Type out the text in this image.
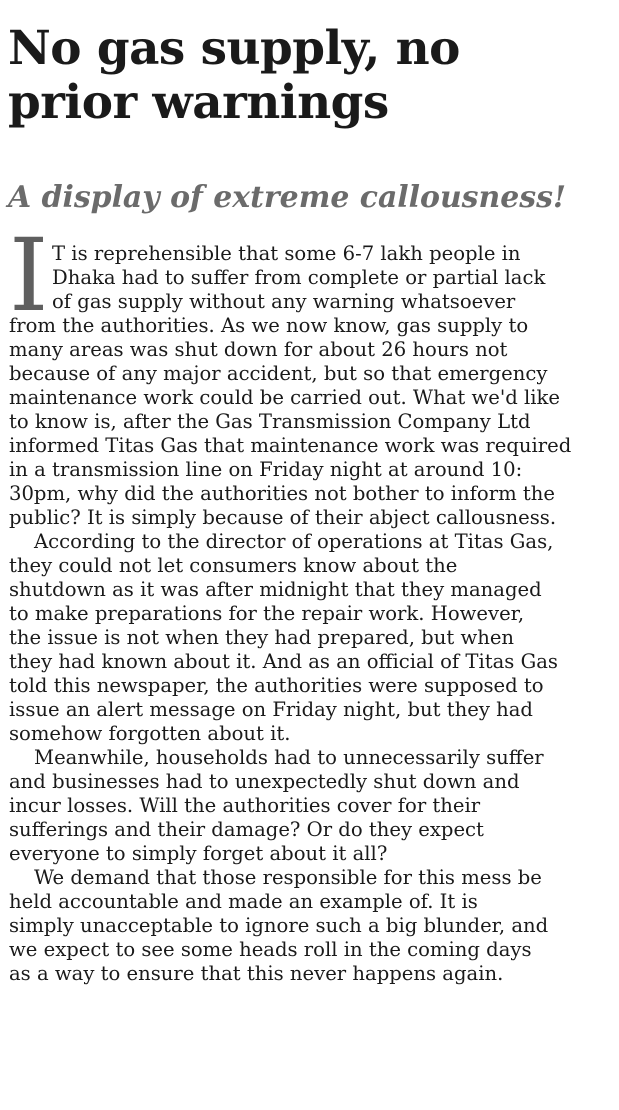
No gas supply, no
prior warnings
A display of extreme callousness!
I T is reprehensible that some 6-7 lakh people in
Dhaka had to suffer from complete or partial lack
of gas supply without any warning whatsoever
from the authorities. As we now know, gas supply to
many areas was shut down for about 26 hours not
because of any major accident, but so that emergency
maintenance work could be carried out. What we'd like
to know is, after the Gas Transmission Company Ltd
informed Titas Gas that maintenance work was required
in a transmission line on Friday night at around 10:
30pm, why did the authorities not bother to inform the
public? It is simply because of their abject callousness.
According to the director of operations at Titas Gas,
they could not let consumers know about the
shutdown as it was after midnight that they managed
to make preparations for the repair work. However,
the issue is not when they had prepared, but when
they had known about it. And as an official of Titas Gas
told this newspaper, the authorities were supposed to
issue an alert message on Friday night, but they had
somehow forgotten about it.
Meanwhile, households had to unnecessarily suffer
and businesses had to unexpectedly shut down and
incur losses. Will the authorities cover for their
sufferings and their damage? Or do they expect
everyone to simply forget about it all?
We demand that those responsible for this mess be
held accountable and made an example of. It is
simply unacceptable to ignore such a big blunder, and
we expect to see some heads roll in the coming days
as a way to ensure that this never happens again.
